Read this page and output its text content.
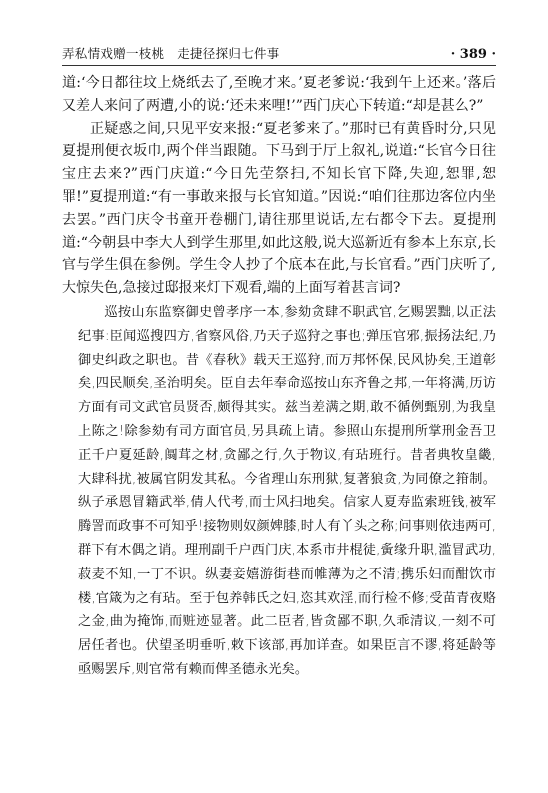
弄私情戏赠一枝桃　走捷径探归七件事	· 389 ·

道:‘今日都往坟上烧纸去了,至晚才来。’夏老爹说:‘我到午上还来。’落后又差人来问了两遭,小的说:‘还未来哩!’”西门庆心下转道:“却是甚么?”

正疑惑之间,只见平安来报:“夏老爹来了。”那时已有黄昏时分,只见夏提刑便衣坂巾,两个伴当跟随。下马到于厅上叙礼,说道:“长官今日往宝庄去来?”西门庆道:“今日先茔祭扫,不知长官下降,失迎,恕罪,恕罪!”夏提刑道:“有一事敢来报与长官知道。”因说:“咱们往那边客位内坐去罢。”西门庆令书童开卷棚门,请往那里说话,左右都令下去。夏提刑道:“今朝县中李大人到学生那里,如此这般,说大巡新近有参本上东京,长官与学生俱在参例。学生令人抄了个底本在此,与长官看。”西门庆听了,大惊失色,急接过邸报来灯下观看,端的上面写着甚言词?

巡按山东监察御史曾孝序一本,参劾贪肆不职武官,乞赐罢黜,以正法纪事:臣闻巡搜四方,省察风俗,乃天子巡狩之事也;弹压官邪,振扬法纪,乃御史纠政之职也。昔《春秋》载天王巡狩,而万邦怀保,民风协矣,王道彰矣,四民顺矣,圣治明矣。臣自去年奉命巡按山东齐鲁之邦,一年将满,历访方面有司文武官员贤否,颇得其实。兹当差满之期,敢不循例甄别,为我皇上陈之!除参劾有司方面官员,另具疏上请。参照山东提刑所掌刑金吾卫正千户夏延龄,阘茸之材,贪鄙之行,久于物议,有玷班行。昔者典牧皇畿,大肆科扰,被属官阴发其私。今省理山东刑狱,复著狼贪,为同僚之箝制。纵子承恩冒籍武举,倩人代考,而士风扫地矣。信家人夏寿监索班钱,被军腾詈而政事不可知乎!接物则奴颜婢膝,时人有丫头之称;问事则依违两可,群下有木偶之诮。理刑副千户西门庆,本系市井棍徒,夤缘升职,滥冒武功,菽麦不知,一丁不识。纵妻妾嬉游街巷而帷薄为之不清;携乐妇而酣饮市楼,官箴为之有玷。至于包养韩氏之妇,恣其欢淫,而行检不修;受苗青夜赂之金,曲为掩饰,而赃迹显著。此二臣者,皆贪鄙不职,久乖清议,一刻不可居任者也。伏望圣明垂听,敕下该部,再加详查。如果臣言不谬,将延龄等亟赐罢斥,则官常有赖而俾圣德永光矣。
